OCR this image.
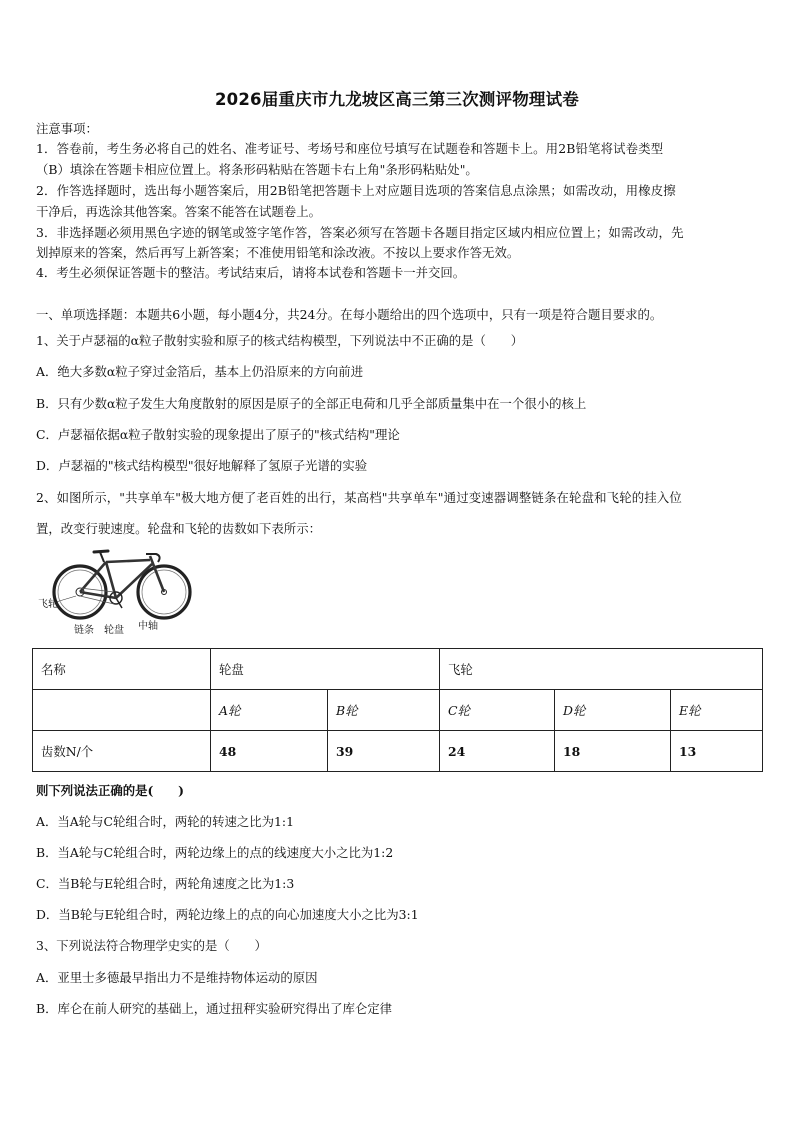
2026届重庆市九龙坡区高三第三次测评物理试卷
注意事项：
1．答卷前，考生务必将自己的姓名、准考证号、考场号和座位号填写在试题卷和答题卡上。用2B铅笔将试卷类型
（B）填涂在答题卡相应位置上。将条形码粘贴在答题卡右上角"条形码粘贴处"。
2．作答选择题时，选出每小题答案后，用2B铅笔把答题卡上对应题目选项的答案信息点涂黑；如需改动，用橡皮擦
干净后，再选涂其他答案。答案不能答在试题卷上。
3．非选择题必须用黑色字迹的钢笔或签字笔作答，答案必须写在答题卡各题目指定区域内相应位置上；如需改动，先
划掉原来的答案，然后再写上新答案；不准使用铅笔和涂改液。不按以上要求作答无效。
4．考生必须保证答题卡的整洁。考试结束后，请将本试卷和答题卡一并交回。
一、单项选择题：本题共6小题，每小题4分，共24分。在每小题给出的四个选项中，只有一项是符合题目要求的。
1、关于卢瑟福的α粒子散射实验和原子的核式结构模型，下列说法中不正确的是（　　）
A．绝大多数α粒子穿过金箔后，基本上仍沿原来的方向前进
B．只有少数α粒子发生大角度散射的原因是原子的全部正电荷和几乎全部质量集中在一个很小的核上
C．卢瑟福依据α粒子散射实验的现象提出了原子的"核式结构"理论
D．卢瑟福的"核式结构模型"很好地解释了氢原子光谱的实验
2、如图所示，"共享单车"极大地方便了老百姓的出行，某高档"共享单车"通过变速器调整链条在轮盘和飞轮的挂入位
置，改变行驶速度。轮盘和飞轮的齿数如下表所示：
飞轮
链条 轮盘 中轴
名称	轮盘		飞轮		
	A轮	B轮	C轮	D轮	E轮
齿数N/个	48	39	24	18	13
则下列说法正确的是(　　)
A．当A轮与C轮组合时，两轮的转速之比为1:1
B．当A轮与C轮组合时，两轮边缘上的点的线速度大小之比为1:2
C．当B轮与E轮组合时，两轮角速度之比为1:3
D．当B轮与E轮组合时，两轮边缘上的点的向心加速度大小之比为3:1
3、下列说法符合物理学史实的是（　　）
A．亚里士多德最早指出力不是维持物体运动的原因
B．库仑在前人研究的基础上，通过扭秤实验研究得出了库仑定律
